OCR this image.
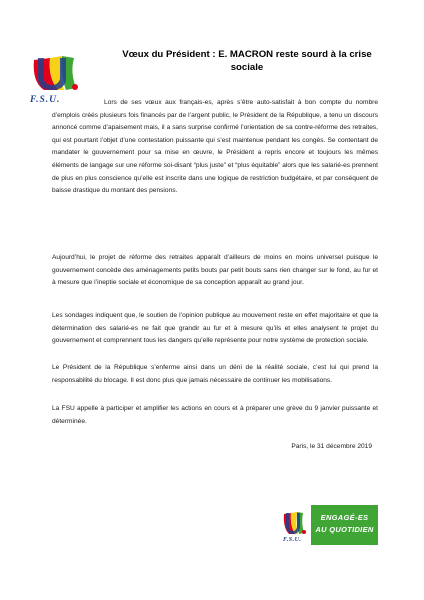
F.S.U.
Vœux du Président : E. MACRON reste sourd à la crise
sociale
Lors de ses vœux aux français-es, après s’être auto-satisfait à bon compte du nombre d’emplois créés plusieurs fois financés par de l’argent public, le Président de la République, a tenu un discours annoncé comme d’apaisement mais, il a sans surprise confirmé l’orientation de sa contre-réforme des retraites, qui est pourtant l’objet d’une contestation puissante qui s’est maintenue pendant les congés. Se contentant de mandater le gouvernement pour sa mise en œuvre, le Président a repris encore et toujours les mêmes éléments de langage sur une réforme soi-disant “plus juste” et “plus équitable” alors que les salarié-es prennent de plus en plus conscience qu’elle est inscrite dans une logique de restriction budgétaire, et par conséquent de baisse drastique du montant des pensions.
Aujourd’hui, le projet de réforme des retraites apparaît d’ailleurs de moins en moins universel puisque le gouvernement concède des aménagements petits bouts par petit bouts sans rien changer sur le fond, au fur et à mesure que l’ineptie sociale et économique de sa conception apparaît au grand jour.
Les sondages indiquent que, le soutien de l’opinion publique au mouvement reste en effet majoritaire et que la détermination des salarié-es ne fait que grandir au fur et à mesure qu’ils et elles analysent le projet du gouvernement et comprennent tous les dangers qu’elle représente pour notre système de protection sociale.
Le Président de la République s’enferme ainsi dans un déni de la réalité sociale, c’est lui qui prend la responsabilité du blocage. Il est donc plus que jamais nécessaire de continuer les mobilisations.
La FSU appelle à participer et amplifier les actions en cours et à préparer une grève du 9 janvier puissante et déterminée.
Paris, le 31 décembre 2019
F.S.U.
ENGAGÉ-ES
AU QUOTIDIEN
